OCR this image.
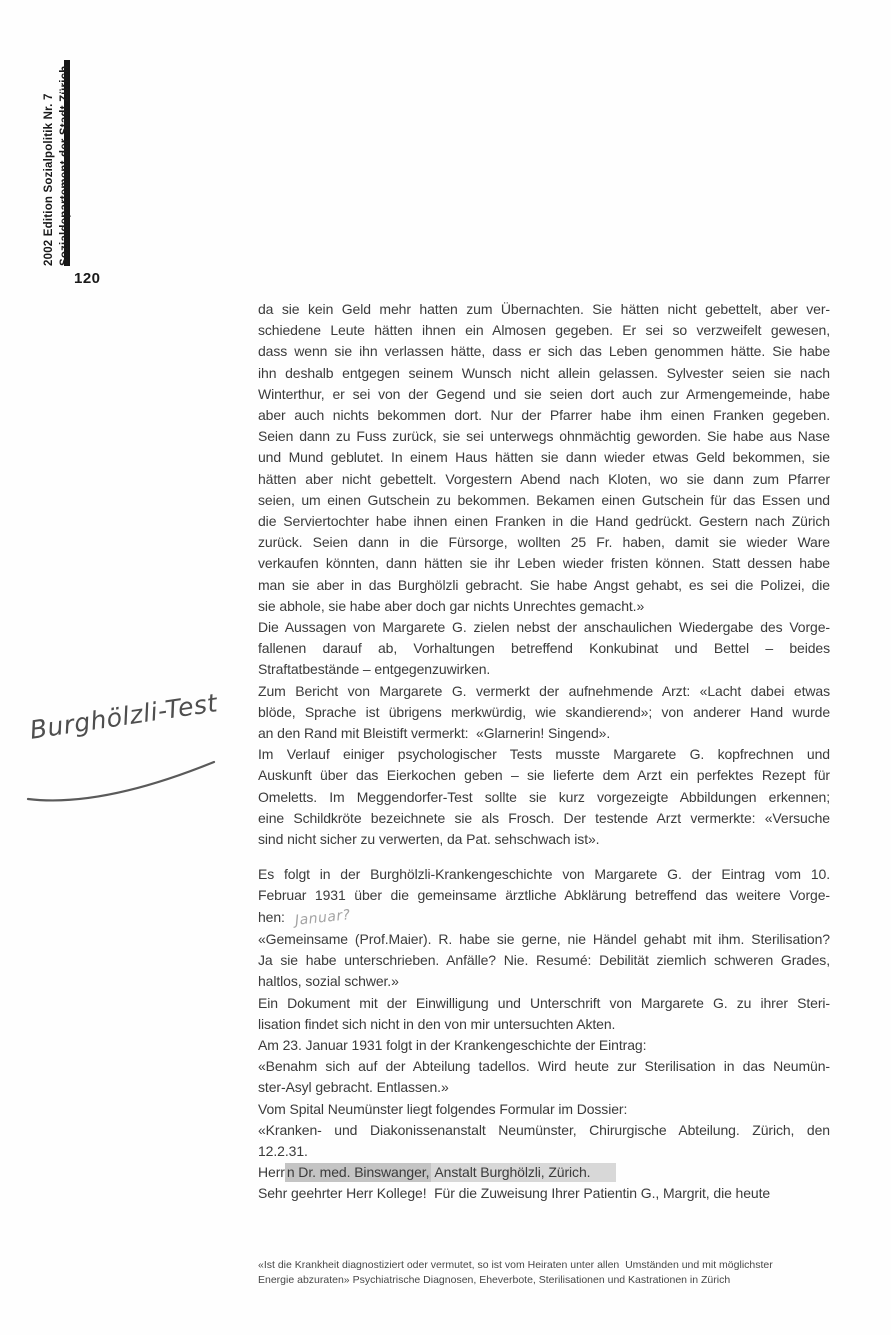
2002 Edition Sozialpolitik Nr. 7 Sozialdepartement der Stadt Zürich
120
Burghölzli-Test
da sie kein Geld mehr hatten zum Übernachten. Sie hätten nicht gebettelt, aber ver-
schiedene Leute hätten ihnen ein Almosen gegeben. Er sei so verzweifelt gewesen,
dass wenn sie ihn verlassen hätte, dass er sich das Leben genommen hätte. Sie habe
ihn deshalb entgegen seinem Wunsch nicht allein gelassen. Sylvester seien sie nach
Winterthur, er sei von der Gegend und sie seien dort auch zur Armengemeinde, habe
aber auch nichts bekommen dort. Nur der Pfarrer habe ihm einen Franken gegeben.
Seien dann zu Fuss zurück, sie sei unterwegs ohnmächtig geworden. Sie habe aus Nase
und Mund geblutet. In einem Haus hätten sie dann wieder etwas Geld bekommen, sie
hätten aber nicht gebettelt. Vorgestern Abend nach Kloten, wo sie dann zum Pfarrer
seien, um einen Gutschein zu bekommen. Bekamen einen Gutschein für das Essen und
die Serviertochter habe ihnen einen Franken in die Hand gedrückt. Gestern nach Zürich
zurück. Seien dann in die Fürsorge, wollten 25 Fr. haben, damit sie wieder Ware
verkaufen könnten, dann hätten sie ihr Leben wieder fristen können. Statt dessen habe
man sie aber in das Burghölzli gebracht. Sie habe Angst gehabt, es sei die Polizei, die
sie abhole, sie habe aber doch gar nichts Unrechtes gemacht.»
Die Aussagen von Margarete G. zielen nebst der anschaulichen Wiedergabe des Vorge-
fallenen darauf ab, Vorhaltungen betreffend Konkubinat und Bettel – beides
Straftatbestände – entgegenzuwirken.
Zum Bericht von Margarete G. vermerkt der aufnehmende Arzt: «Lacht dabei etwas
blöde, Sprache ist übrigens merkwürdig, wie skandierend»; von anderer Hand wurde
an den Rand mit Bleistift vermerkt:  «Glarnerin! Singend».
Im Verlauf einiger psychologischer Tests musste Margarete G. kopfrechnen und
Auskunft über das Eierkochen geben – sie lieferte dem Arzt ein perfektes Rezept für
Omeletts. Im Meggendorfer-Test sollte sie kurz vorgezeigte Abbildungen erkennen;
eine Schildkröte bezeichnete sie als Frosch. Der testende Arzt vermerkte: «Versuche
sind nicht sicher zu verwerten, da Pat. sehschwach ist».
Es folgt in der Burghölzli-Krankengeschichte von Margarete G. der Eintrag vom 10.
Februar 1931 über die gemeinsame ärztliche Abklärung betreffend das weitere Vorge-
hen: Januar?
«Gemeinsame (Prof.Maier). R. habe sie gerne, nie Händel gehabt mit ihm. Sterilisation?
Ja sie habe unterschrieben. Anfälle? Nie. Resumé: Debilität ziemlich schweren Grades,
haltlos, sozial schwer.»
Ein Dokument mit der Einwilligung und Unterschrift von Margarete G. zu ihrer Steri-
lisation findet sich nicht in den von mir untersuchten Akten.
Am 23. Januar 1931 folgt in der Krankengeschichte der Eintrag:
«Benahm sich auf der Abteilung tadellos. Wird heute zur Sterilisation in das Neumün-
ster-Asyl gebracht. Entlassen.»
Vom Spital Neumünster liegt folgendes Formular im Dossier:
«Kranken- und Diakonissenanstalt Neumünster, Chirurgische Abteilung. Zürich, den
12.2.31.
Herr n Dr. med. Binswanger, Anstalt Burghölzli, Zürich.
Sehr geehrter Herr Kollege!  Für die Zuweisung Ihrer Patientin G., Margrit, die heute
«Ist die Krankheit diagnostiziert oder vermutet, so ist vom Heiraten unter allen  Umständen und mit möglichster
Energie abzuraten» Psychiatrische Diagnosen, Eheverbote, Sterilisationen und Kastrationen in Zürich
